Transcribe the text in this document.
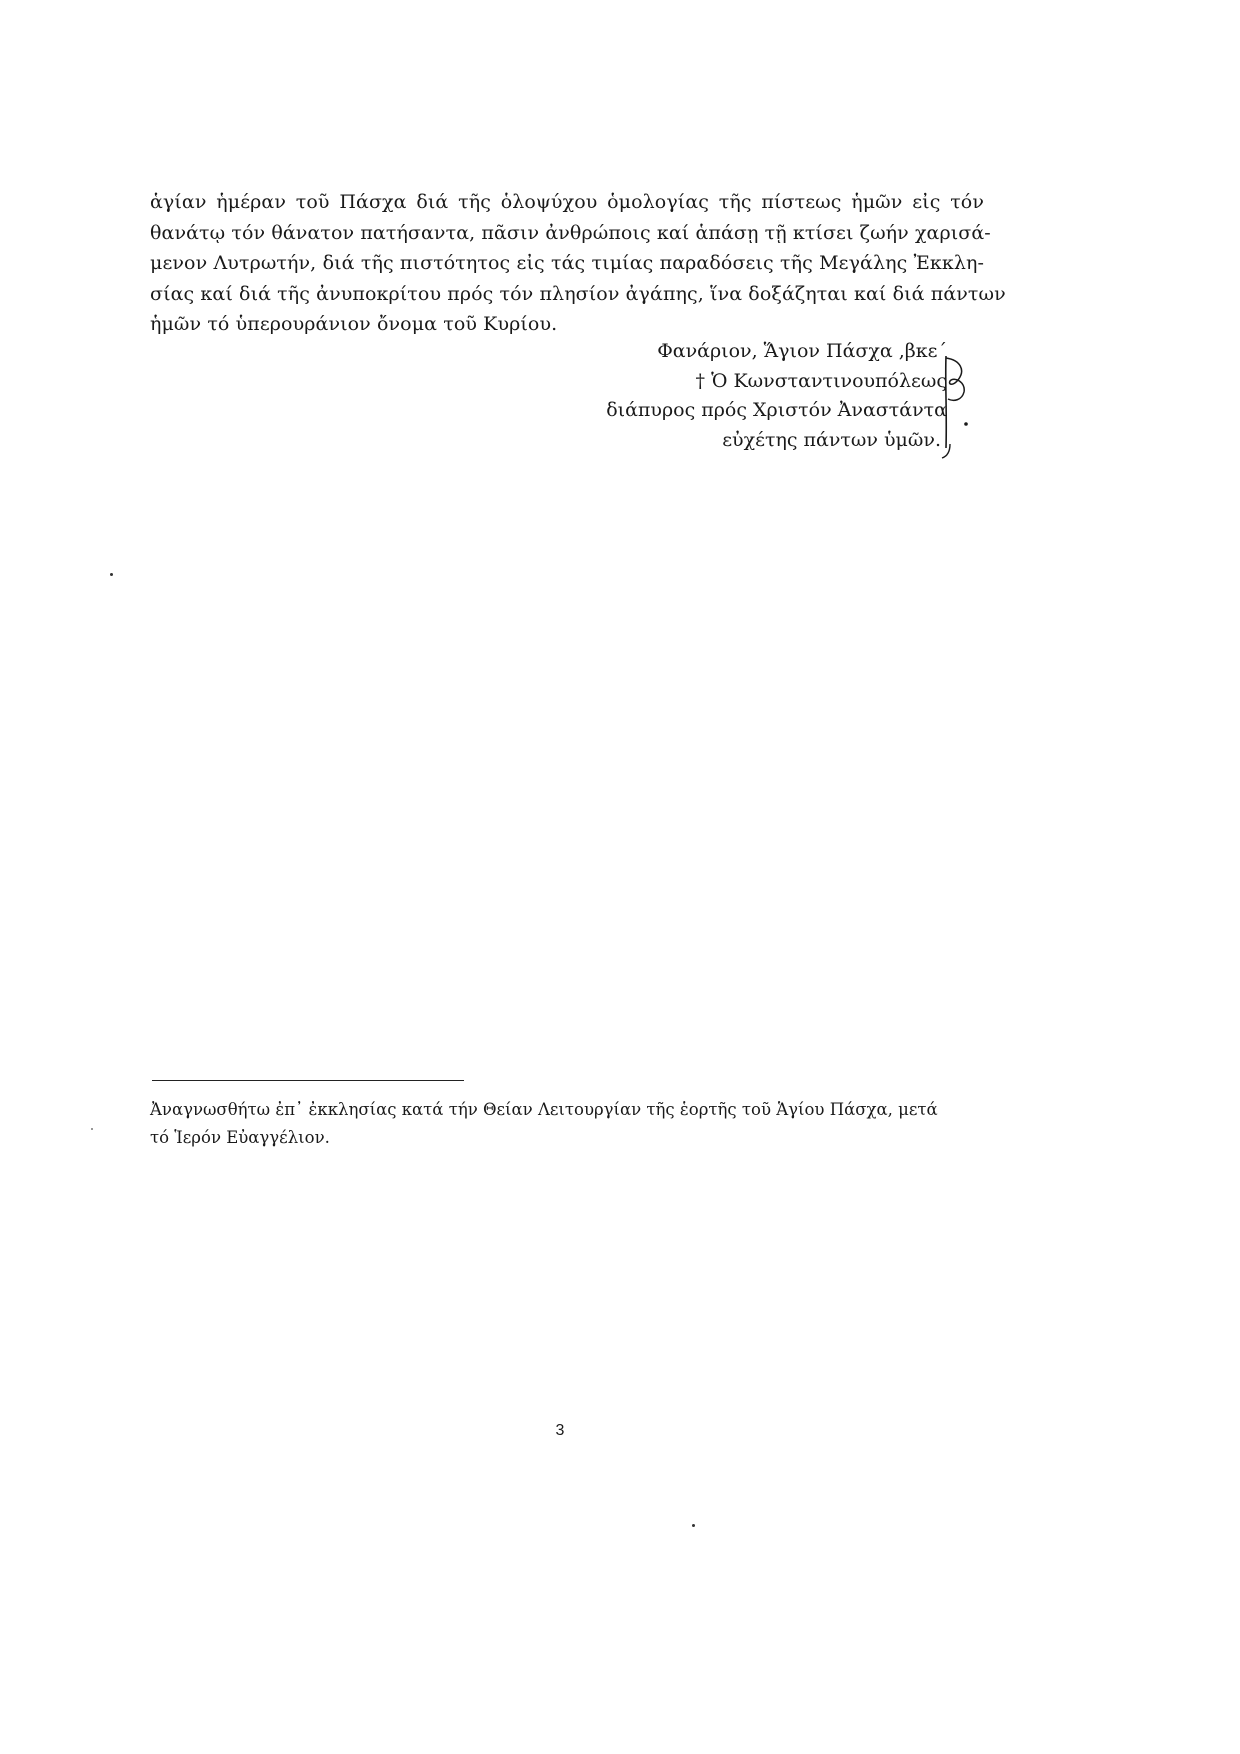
ἁγίαν ἡμέραν τοῦ Πάσχα διά τῆς ὁλοψύχου ὁμολογίας τῆς πίστεως ἡμῶν εἰς τόν
θανάτῳ τόν θάνατον πατήσαντα, πᾶσιν ἀνθρώποις καί ἁπάσῃ τῇ κτίσει ζωήν χαρισά-
μενον Λυτρωτήν, διά τῆς πιστότητος εἰς τάς τιμίας παραδόσεις τῆς Μεγάλης Ἐκκλη-
σίας καί διά τῆς ἀνυποκρίτου πρός τόν πλησίον ἀγάπης, ἵνα δοξάζηται καί διά πάντων
ἡμῶν τό ὑπερουράνιον ὄνομα τοῦ Κυρίου.
Φανάριον, Ἅγιον Πάσχα ,βκε΄
† Ὁ Κωνσταντινουπόλεως
διάπυρος πρός Χριστόν Ἀναστάντα
εὐχέτης πάντων ὑμῶν.
Ἀναγνωσθήτω ἐπ᾽ ἐκκλησίας κατά τήν Θείαν Λειτουργίαν τῆς ἑορτῆς τοῦ Ἁγίου Πάσχα, μετά
τό Ἱερόν Εὐαγγέλιον.
3
